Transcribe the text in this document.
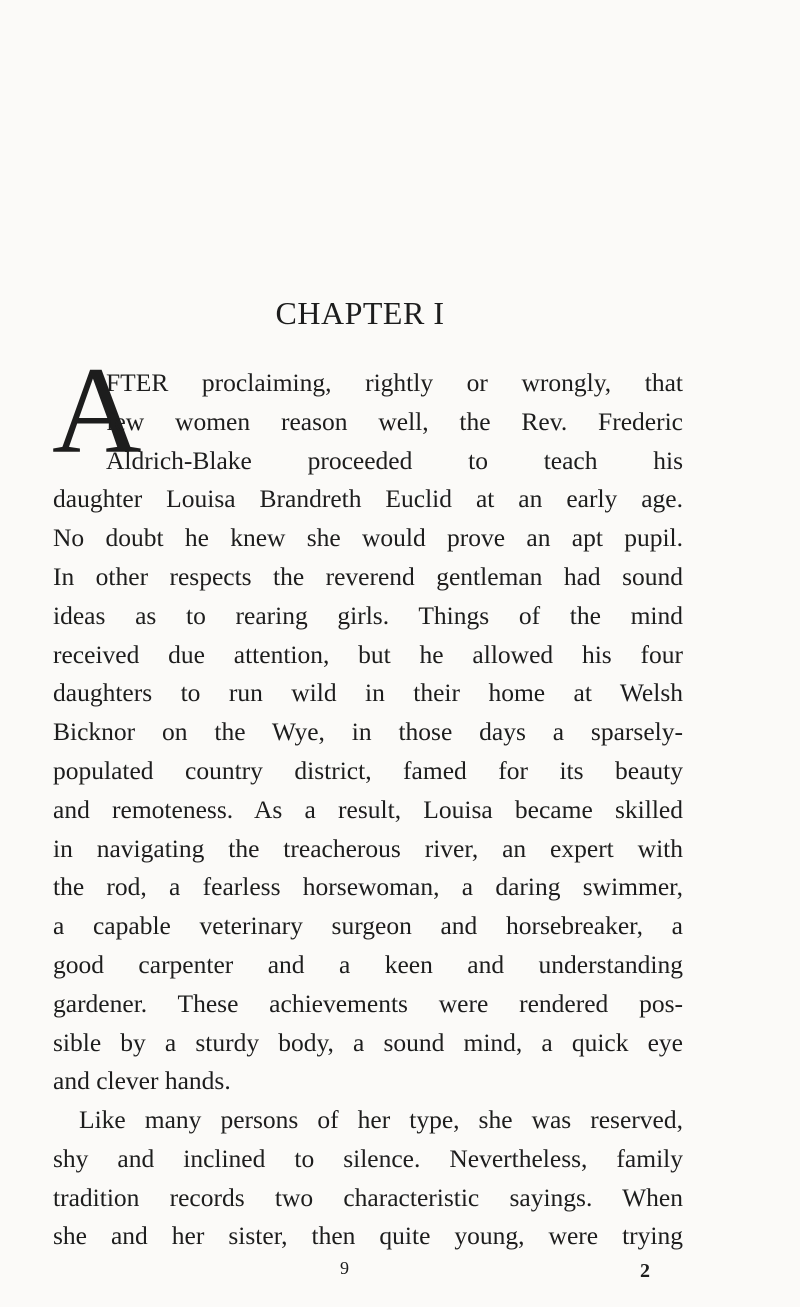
CHAPTER I
A
FTER proclaiming, rightly or wrongly, that
few women reason well, the Rev. Frederic
Aldrich-Blake proceeded to teach his
daughter Louisa Brandreth Euclid at an early age.
No doubt he knew she would prove an apt pupil.
In other respects the reverend gentleman had sound
ideas as to rearing girls. Things of the mind
received due attention, but he allowed his four
daughters to run wild in their home at Welsh
Bicknor on the Wye, in those days a sparsely-
populated country district, famed for its beauty
and remoteness. As a result, Louisa became skilled
in navigating the treacherous river, an expert with
the rod, a fearless horsewoman, a daring swimmer,
a capable veterinary surgeon and horsebreaker, a
good carpenter and a keen and understanding
gardener. These achievements were rendered pos-
sible by a sturdy body, a sound mind, a quick eye
and clever hands.
Like many persons of her type, she was reserved,
shy and inclined to silence. Nevertheless, family
tradition records two characteristic sayings. When
she and her sister, then quite young, were trying
9	2
